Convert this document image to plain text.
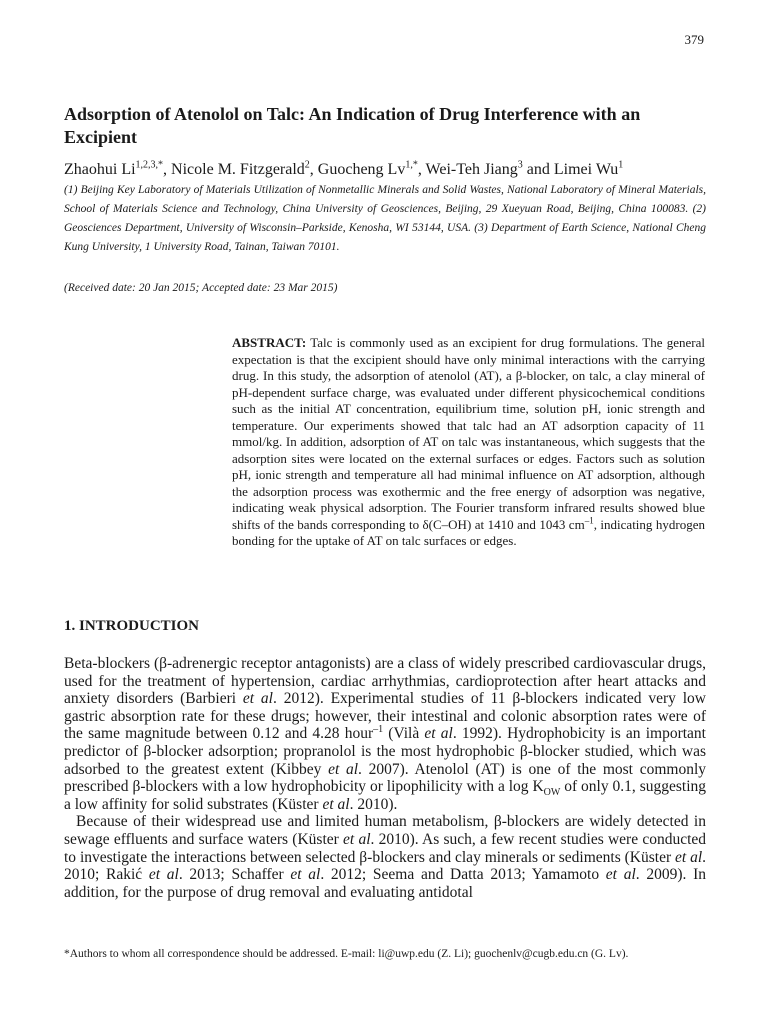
379
Adsorption of Atenolol on Talc: An Indication of Drug Interference with an Excipient
Zhaohui $Li^{1,2,3,*}$, Nicole M. Fitzgerald$^2$, Guocheng $Lv^{1,*}$, Wei-Teh Jiang$^3$ and Limei Wu$^1$
(1) Beijing Key Laboratory of Materials Utilization of Nonmetallic Minerals and Solid Wastes, National Laboratory of Mineral Materials, School of Materials Science and Technology, China University of Geosciences, Beijing, 29 Xueyuan Road, Beijing, China 100083. (2) Geosciences Department, University of Wisconsin–Parkside, Kenosha, WI 53144, USA. (3) Department of Earth Science, National Cheng Kung University, 1 University Road, Tainan, Taiwan 70101.
(Received date: 20 Jan 2015; Accepted date: 23 Mar 2015)
ABSTRACT: Talc is commonly used as an excipient for drug formulations. The general expectation is that the excipient should have only minimal interactions with the carrying drug. In this study, the adsorption of atenolol (AT), a β-blocker, on talc, a clay mineral of pH-dependent surface charge, was evaluated under different physicochemical conditions such as the initial AT concentration, equilibrium time, solution pH, ionic strength and temperature. Our experiments showed that talc had an AT adsorption capacity of 11 mmol/kg. In addition, adsorption of AT on talc was instantaneous, which suggests that the adsorption sites were located on the external surfaces or edges. Factors such as solution pH, ionic strength and temperature all had minimal influence on AT adsorption, although the adsorption process was exothermic and the free energy of adsorption was negative, indicating weak physical adsorption. The Fourier transform infrared results showed blue shifts of the bands corresponding to δ(C–OH) at 1410 and 1043 $cm^{-1}$, indicating hydrogen bonding for the uptake of AT on talc surfaces or edges.
1. INTRODUCTION

Beta-blockers (β-adrenergic receptor antagonists) are a class of widely prescribed cardiovascular drugs, used for the treatment of hypertension, cardiac arrhythmias, cardioprotection after heart attacks and anxiety disorders (Barbieri et al. 2012). Experimental studies of 11 β-blockers indicated very low gastric absorption rate for these drugs; however, their intestinal and colonic absorption rates were of the same magnitude between 0.12 and 4.28 hour$^{-1}$ (Vilà et al. 1992). Hydrophobicity is an important predictor of β-blocker adsorption; propranolol is the most hydrophobic β-blocker studied, which was adsorbed to the greatest extent (Kibbey et al. 2007). Atenolol (AT) is one of the most commonly prescribed β-blockers with a low hydrophobicity or lipophilicity with a $\log K_{OW}$ of only 0.1, suggesting a low affinity for solid substrates (Küster et al. 2010).

Because of their widespread use and limited human metabolism, β-blockers are widely detected in sewage effluents and surface waters (Küster et al. 2010). As such, a few recent studies were conducted to investigate the interactions between selected β-blockers and clay minerals or sediments (Küster et al. 2010; Rakić et al. 2013; Schaffer et al. 2012; Seema and Datta 2013; Yamamoto et al. 2009). In addition, for the purpose of drug removal and evaluating antidotal

*Authors to whom all correspondence should be addressed. E-mail: li@uwp.edu (Z. Li); guochenlv@cugb.edu.cn (G. Lv).
